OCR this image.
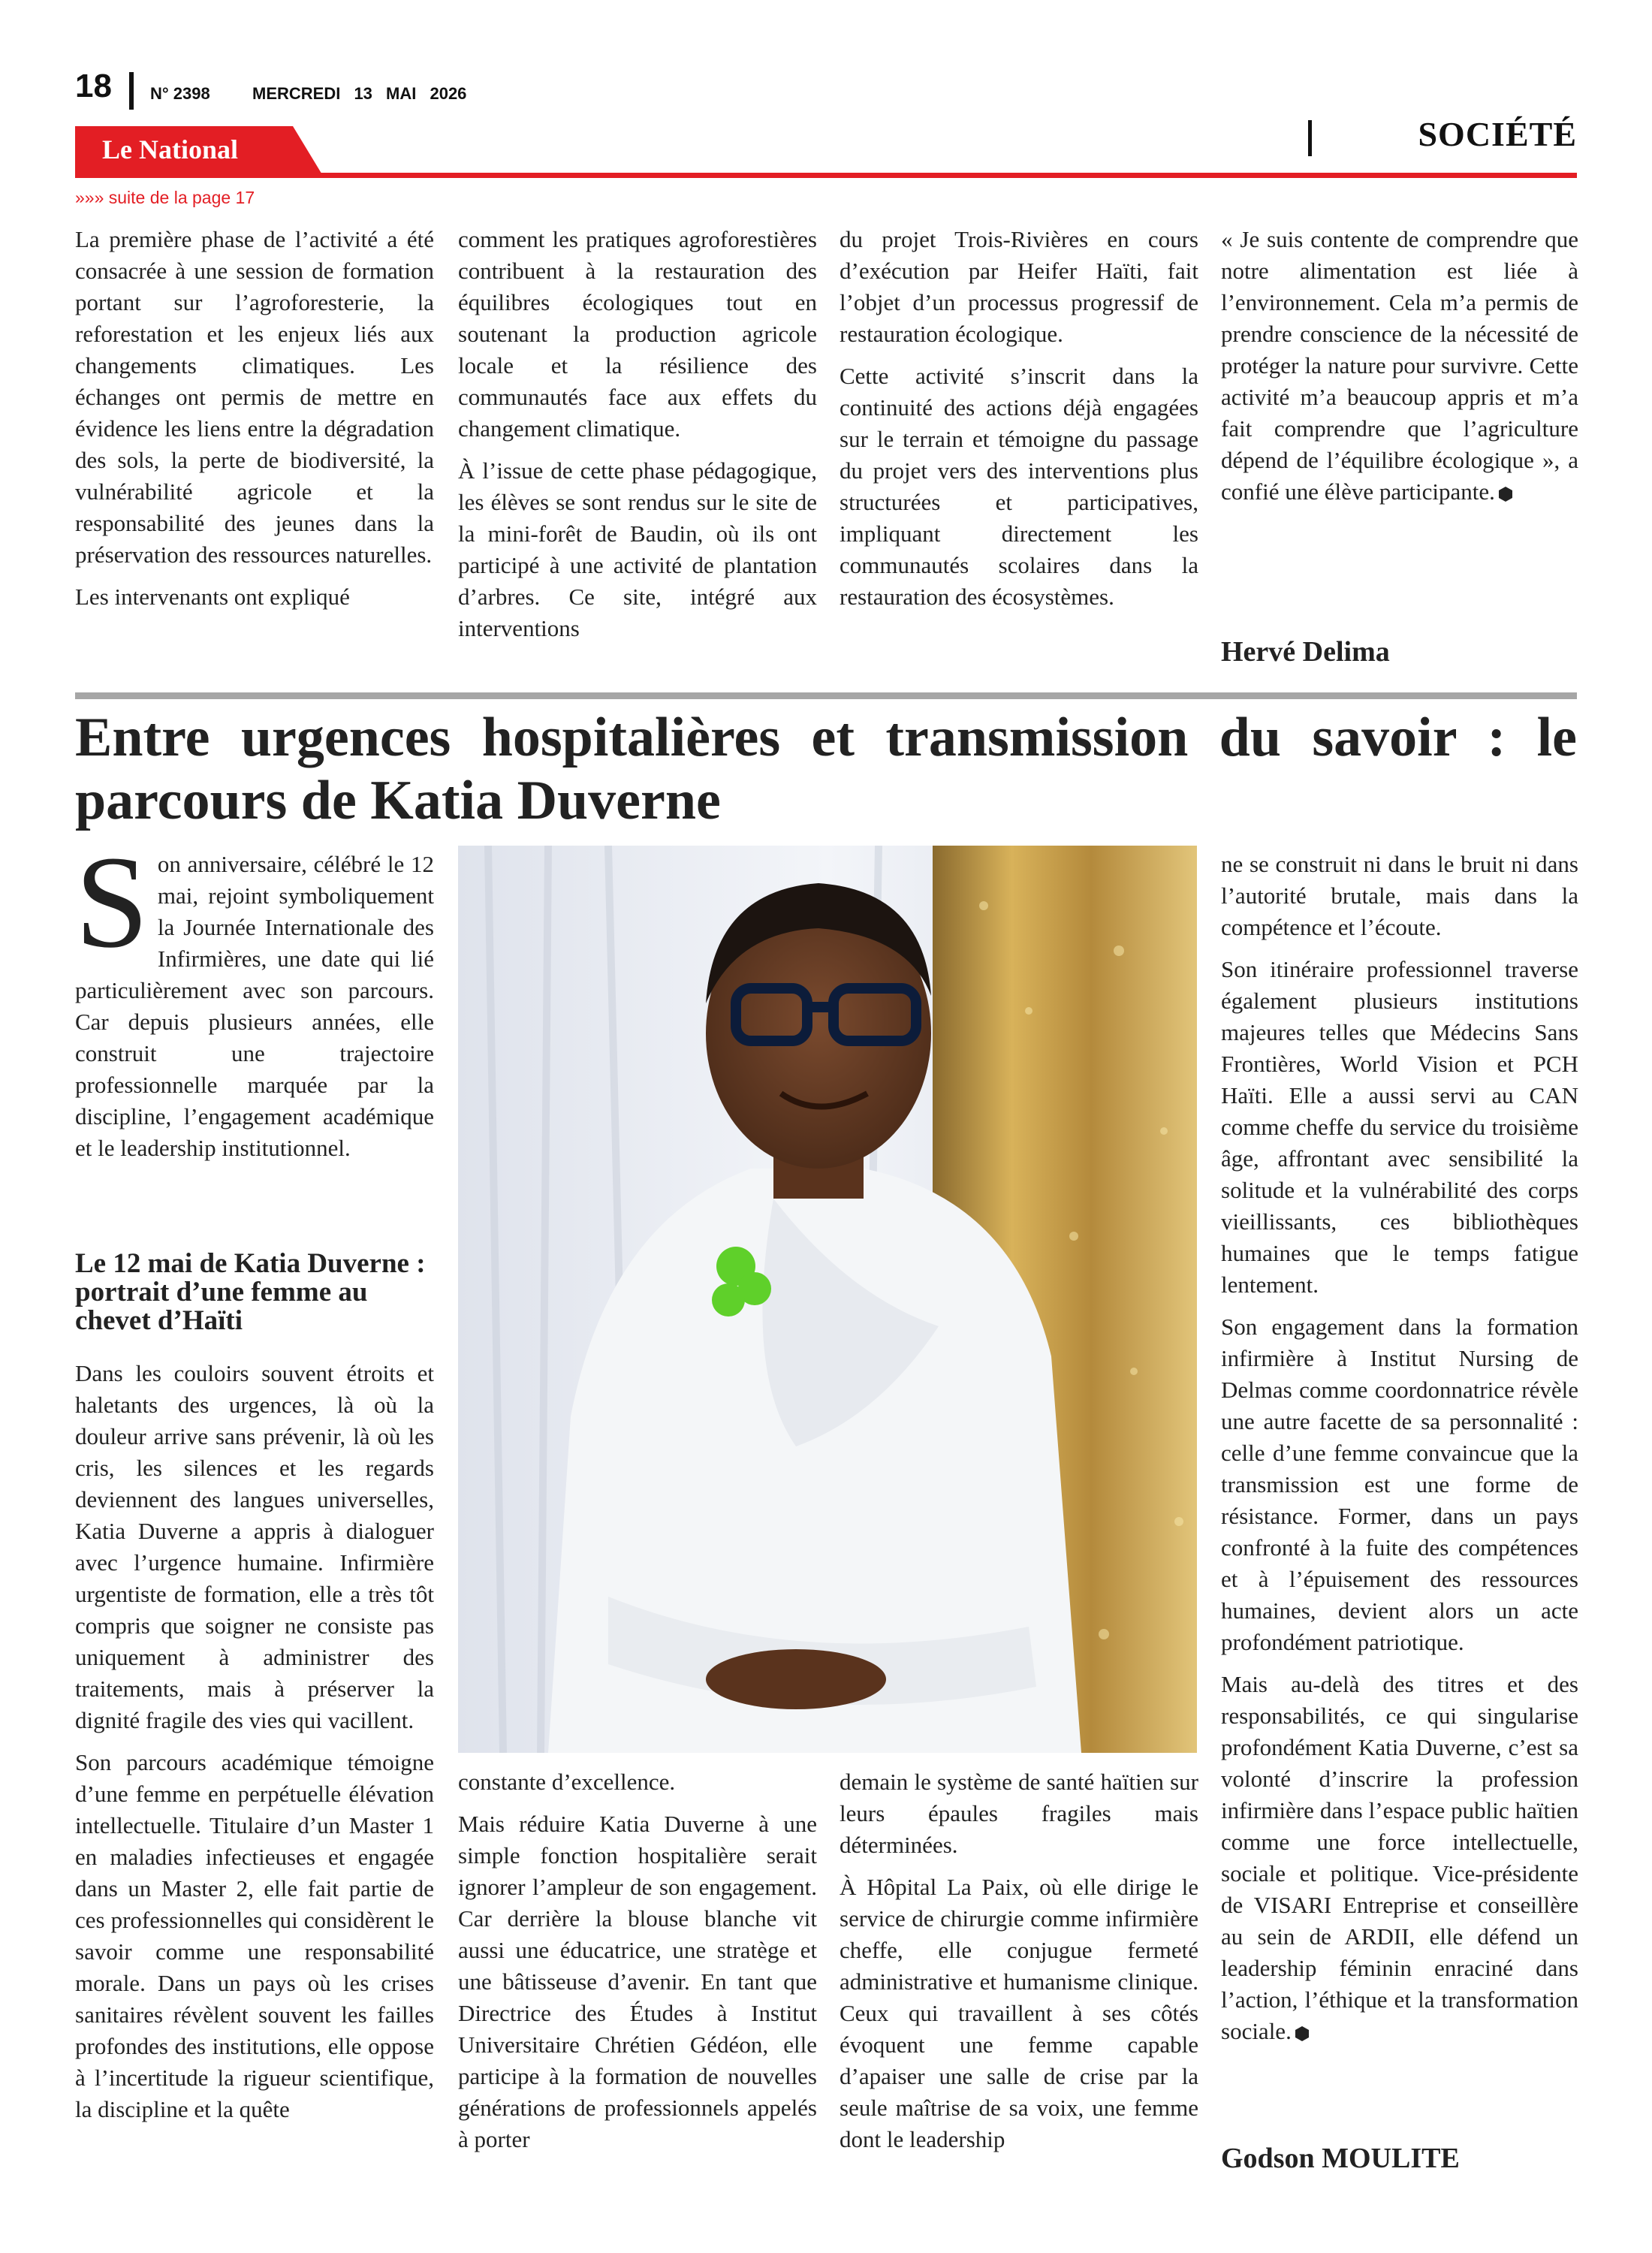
18 N° 2398	MERCREDI 13 MAI 2026
Le National	SOCIÉTÉ
»»» suite de la page 17

La première phase de l’activité a été consacrée à une session de formation portant sur l’agroforesterie, la reforestation et les enjeux liés aux changements climatiques. Les échanges ont permis de mettre en évidence les liens entre la dégradation des sols, la perte de biodiversité, la vulnérabilité agricole et la responsabilité des jeunes dans la préservation des ressources naturelles.

Les intervenants ont expliqué

comment les pratiques agroforestières contribuent à la restauration des équilibres écologiques tout en soutenant la production agricole locale et la résilience des communautés face aux effets du changement climatique.

À l’issue de cette phase pédagogique, les élèves se sont rendus sur le site de la mini-forêt de Baudin, où ils ont participé à une activité de plantation d’arbres. Ce site, intégré aux interventions

du projet Trois-Rivières en cours d’exécution par Heifer Haïti, fait l’objet d’un processus progressif de restauration écologique.

Cette activité s’inscrit dans la continuité des actions déjà engagées sur le terrain et témoigne du passage du projet vers des interventions plus structurées et participatives, impliquant directement les communautés scolaires dans la restauration des écosystèmes.

« Je suis contente de comprendre que notre alimentation est liée à l’environnement. Cela m’a permis de prendre conscience de la nécessité de protéger la nature pour survivre. Cette activité m’a beaucoup appris et m’a fait comprendre que l’agriculture dépend de l’équilibre écologique », a confié une élève participante.

Hervé Delima
Entre urgences hospitalières et transmission du savoir : le parcours de Katia Duverne
Son anniversaire, célébré le 12 mai, rejoint symboliquement la Journée Internationale des Infirmières, une date qui lié particulièrement avec son parcours. Car depuis plusieurs années, elle construit une trajectoire professionnelle marquée par la discipline, l’engagement académique et le leadership institutionnel.
Le 12 mai de Katia Duverne : portrait d’une femme au chevet d’Haïti

Dans les couloirs souvent étroits et haletants des urgences, là où la douleur arrive sans prévenir, là où les cris, les silences et les regards deviennent des langues universelles, Katia Duverne a appris à dialoguer avec l’urgence humaine. Infirmière urgentiste de formation, elle a très tôt compris que soigner ne consiste pas uniquement à administrer des traitements, mais à préserver la dignité fragile des vies qui vacillent.

Son parcours académique témoigne d’une femme en perpétuelle élévation intellectuelle. Titulaire d’un Master 1 en maladies infectieuses et engagée dans un Master 2, elle fait partie de ces professionnelles qui considèrent le savoir comme une responsabilité morale. Dans un pays où les crises sanitaires révèlent souvent les failles profondes des institutions, elle oppose à l’incertitude la rigueur scientifique, la discipline et la quête

constante d’excellence.

Mais réduire Katia Duverne à une simple fonction hospitalière serait ignorer l’ampleur de son engagement. Car derrière la blouse blanche vit aussi une éducatrice, une stratège et une bâtisseuse d’avenir. En tant que Directrice des Études à Institut Universitaire Chrétien Gédéon, elle participe à la formation de nouvelles générations de professionnels appelés à porter

demain le système de santé haïtien sur leurs épaules fragiles mais déterminées.

À Hôpital La Paix, où elle dirige le service de chirurgie comme infirmière cheffe, elle conjugue fermeté administrative et humanisme clinique. Ceux qui travaillent à ses côtés évoquent une femme capable d’apaiser une salle de crise par la seule maîtrise de sa voix, une femme dont le leadership

ne se construit ni dans le bruit ni dans l’autorité brutale, mais dans la compétence et l’écoute.

Son itinéraire professionnel traverse également plusieurs institutions majeures telles que Médecins Sans Frontières, World Vision et PCH Haïti. Elle a aussi servi au CAN comme cheffe du service du troisième âge, affrontant avec sensibilité la solitude et la vulnérabilité des corps vieillissants, ces bibliothèques humaines que le temps fatigue lentement.

Son engagement dans la formation infirmière à Institut Nursing de Delmas comme coordonnatrice révèle une autre facette de sa personnalité : celle d’une femme convaincue que la transmission est une forme de résistance. Former, dans un pays confronté à la fuite des compétences et à l’épuisement des ressources humaines, devient alors un acte profondément patriotique.

Mais au-delà des titres et des responsabilités, ce qui singularise profondément Katia Duverne, c’est sa volonté d’inscrire la profession infirmière dans l’espace public haïtien comme une force intellectuelle, sociale et politique. Vice-présidente de VISARI Entreprise et conseillère au sein de ARDII, elle défend un leadership féminin enraciné dans l’action, l’éthique et la transformation sociale.

Godson MOULITE
